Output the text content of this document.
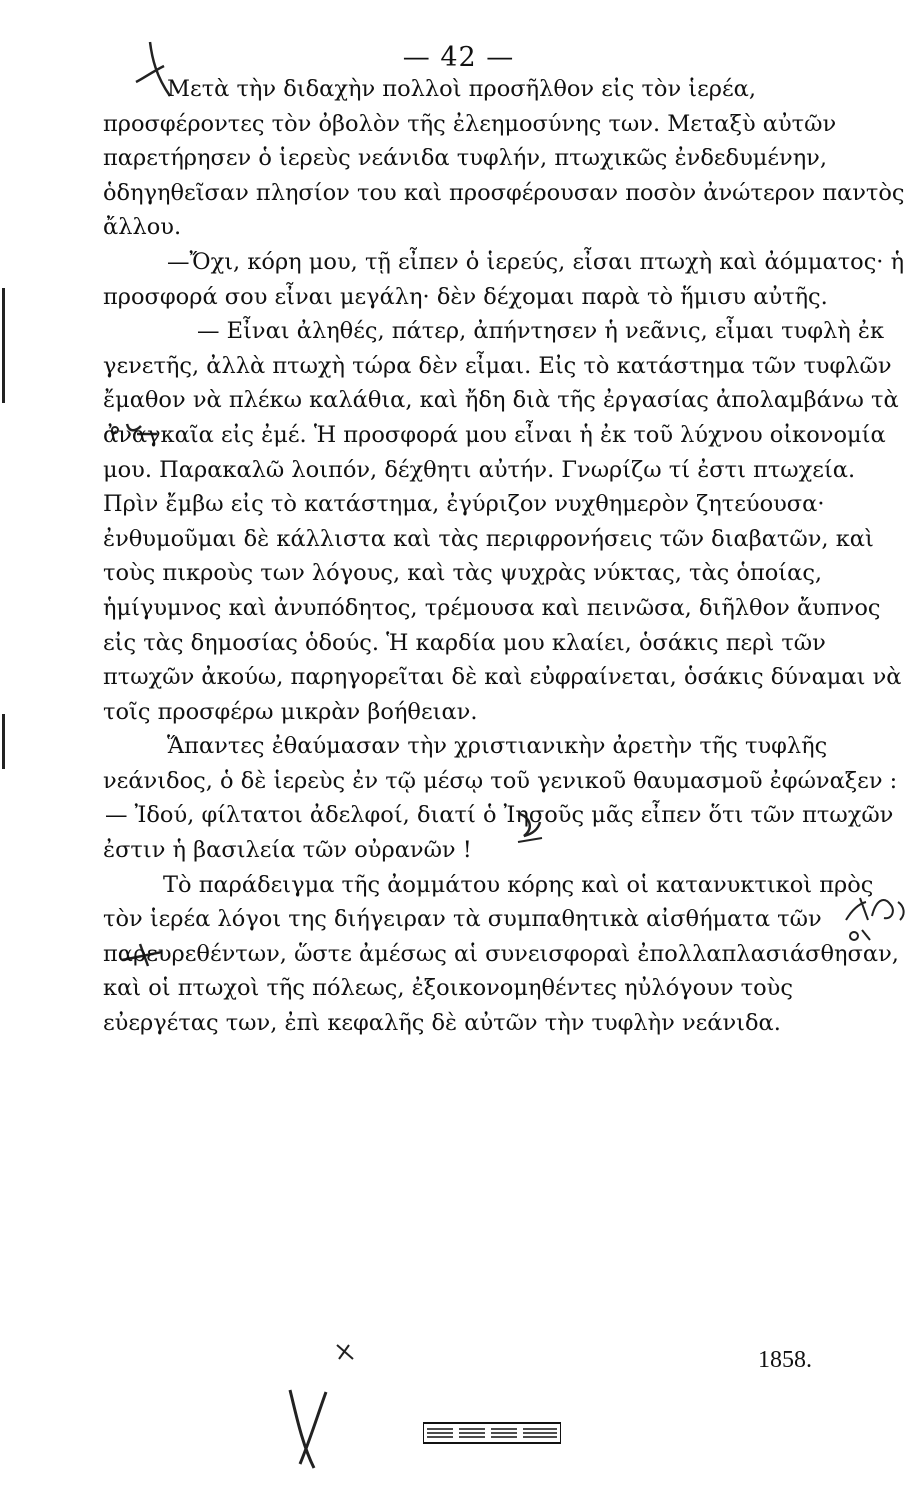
— 42 —

Μετὰ τὴν διδαχὴν πολλοὶ προσῆλθον εἰς τὸν ἱερέα, προσφέροντες τὸν ὀβολὸν τῆς ἐλεημοσύνης των. Μεταξὺ αὐτῶν παρετήρησεν ὁ ἱερεὺς νεάνιδα τυφλήν, πτωχικῶς ἐνδεδυμένην, ὁδηγηθεῖσαν πλησίον του καὶ προσφέρουσαν ποσὸν ἀνώτερον παντὸς ἄλλου.

—Ὄχι, κόρη μου, τῇ εἶπεν ὁ ἱερεύς, εἶσαι πτωχὴ καὶ ἀόμματος· ἡ προσφορά σου εἶναι μεγάλη· δὲν δέχομαι παρὰ τὸ ἥμισυ αὐτῆς.

— Εἶναι ἀληθές, πάτερ, ἀπήντησεν ἡ νεᾶνις, εἶμαι τυφλὴ ἐκ γενετῆς, ἀλλὰ πτωχὴ τώρα δὲν εἶμαι. Εἰς τὸ κατάστημα τῶν τυφλῶν ἔμαθον νὰ πλέκω καλάθια, καὶ ἤδη διὰ τῆς ἐργασίας ἀπολαμβάνω τὰ ἀναγκαῖα εἰς ἐμέ. Ἡ προσφορά μου εἶναι ἡ ἐκ τοῦ λύχνου οἰκονομία μου. Παρακαλῶ λοιπόν, δέχθητι αὐτήν. Γνωρίζω τί ἐστι πτωχεία. Πρὶν ἔμβω εἰς τὸ κατάστημα, ἐγύριζον νυχθημερὸν ζητεύουσα· ἐνθυμοῦμαι δὲ κάλλιστα καὶ τὰς περιφρονήσεις τῶν διαβατῶν, καὶ τοὺς πικροὺς των λόγους, καὶ τὰς ψυχρὰς νύκτας, τὰς ὁποίας, ἡμίγυμνος καὶ ἀνυπόδητος, τρέμουσα καὶ πεινῶσα, διῆλθον ἄυπνος εἰς τὰς δημοσίας ὁδούς. Ἡ καρδία μου κλαίει, ὁσάκις περὶ τῶν πτωχῶν ἀκούω, παρηγορεῖται δὲ καὶ εὐφραίνεται, ὁσάκις δύναμαι νὰ τοῖς προσφέρω μικρὰν βοήθειαν.

Ἅπαντες ἐθαύμασαν τὴν χριστιανικὴν ἀρετὴν τῆς τυφλῆς νεάνιδος, ὁ δὲ ἱερεὺς ἐν τῷ μέσῳ τοῦ γενικοῦ θαυμασμοῦ ἐφώναξεν :

— Ἰδού, φίλτατοι ἀδελφοί, διατί ὁ Ἰησοῦς μᾶς εἶπεν ὅτι τῶν πτωχῶν ἐστιν ἡ βασιλεία τῶν οὐρανῶν !

Τὸ παράδειγμα τῆς ἀομμάτου κόρης καὶ οἱ κατανυκτικοὶ πρὸς τὸν ἱερέα λόγοι της διήγειραν τὰ συμπαθητικὰ αἰσθήματα τῶν παρευρεθέντων, ὥστε ἀμέσως αἱ συνεισφοραὶ ἐπολλαπλασιάσθησαν, καὶ οἱ πτωχοὶ τῆς πόλεως, ἐξοικονομηθέντες ηὐλόγουν τοὺς εὐεργέτας των, ἐπὶ κεφαλῆς δὲ αὐτῶν τὴν τυφλὴν νεάνιδα.

1858.
